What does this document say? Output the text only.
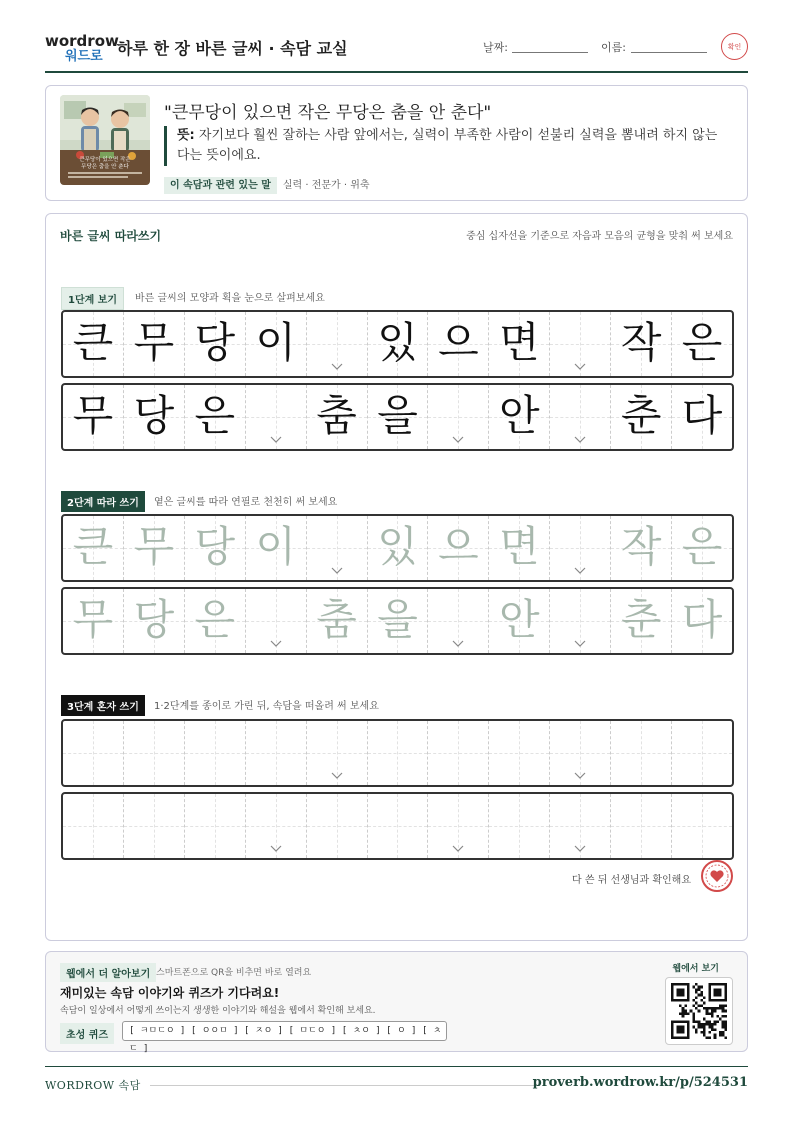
wordrow
워드로 하루 한 장 바른 글씨 · 속담 교실	날짜:	이름:	확인
큰무당이 있으면 작은
무당은 춤을 안 춘다
"큰무당이 있으면 작은 무당은 춤을 안 춘다"
뜻: 자기보다 훨씬 잘하는 사람 앞에서는, 실력이 부족한 사람이 섣불리 실력을 뽐내려 하지 않는다는 뜻이에요.
이 속담과 관련 있는 말 실력 · 전문가 · 위축
바른 글씨 따라쓰기	중심 십자선을 기준으로 자음과 모음의 균형을 맞춰 써 보세요
1단계 보기	바른 글씨의 모양과 획을 눈으로 살펴보세요
큰 무 당 이 있 으 면 작 은
무 당 은 춤 을 안 춘 다
2단계 따라 쓰기	옅은 글씨를 따라 연필로 천천히 써 보세요
큰 무 당 이 있 으 면 작 은
무 당 은 춤 을 안 춘 다
3단계 혼자 쓰기	1·2단계를 종이로 가린 뒤, 속담을 떠올려 써 보세요
다 쓴 뒤 선생님과 확인해요
웹에서 더 알아보기 스마트폰으로 QR을 비추면 바로 열려요
재미있는 속담 이야기와 퀴즈가 기다려요!
속담이 일상에서 어떻게 쓰이는지 생생한 이야기와 해설을 웹에서 확인해 보세요.
초성 퀴즈	[ ㅋㅁㄷㅇ ] [ ㅇㅇㅁ ] [ ㅈㅇ ] [ ㅁㄷㅇ ] [ ㅊㅇ ] [ ㅇ ] [ ㅊㄷ ]
웹에서 보기
WORDROW 속담	proverb.wordrow.kr/p/524531
